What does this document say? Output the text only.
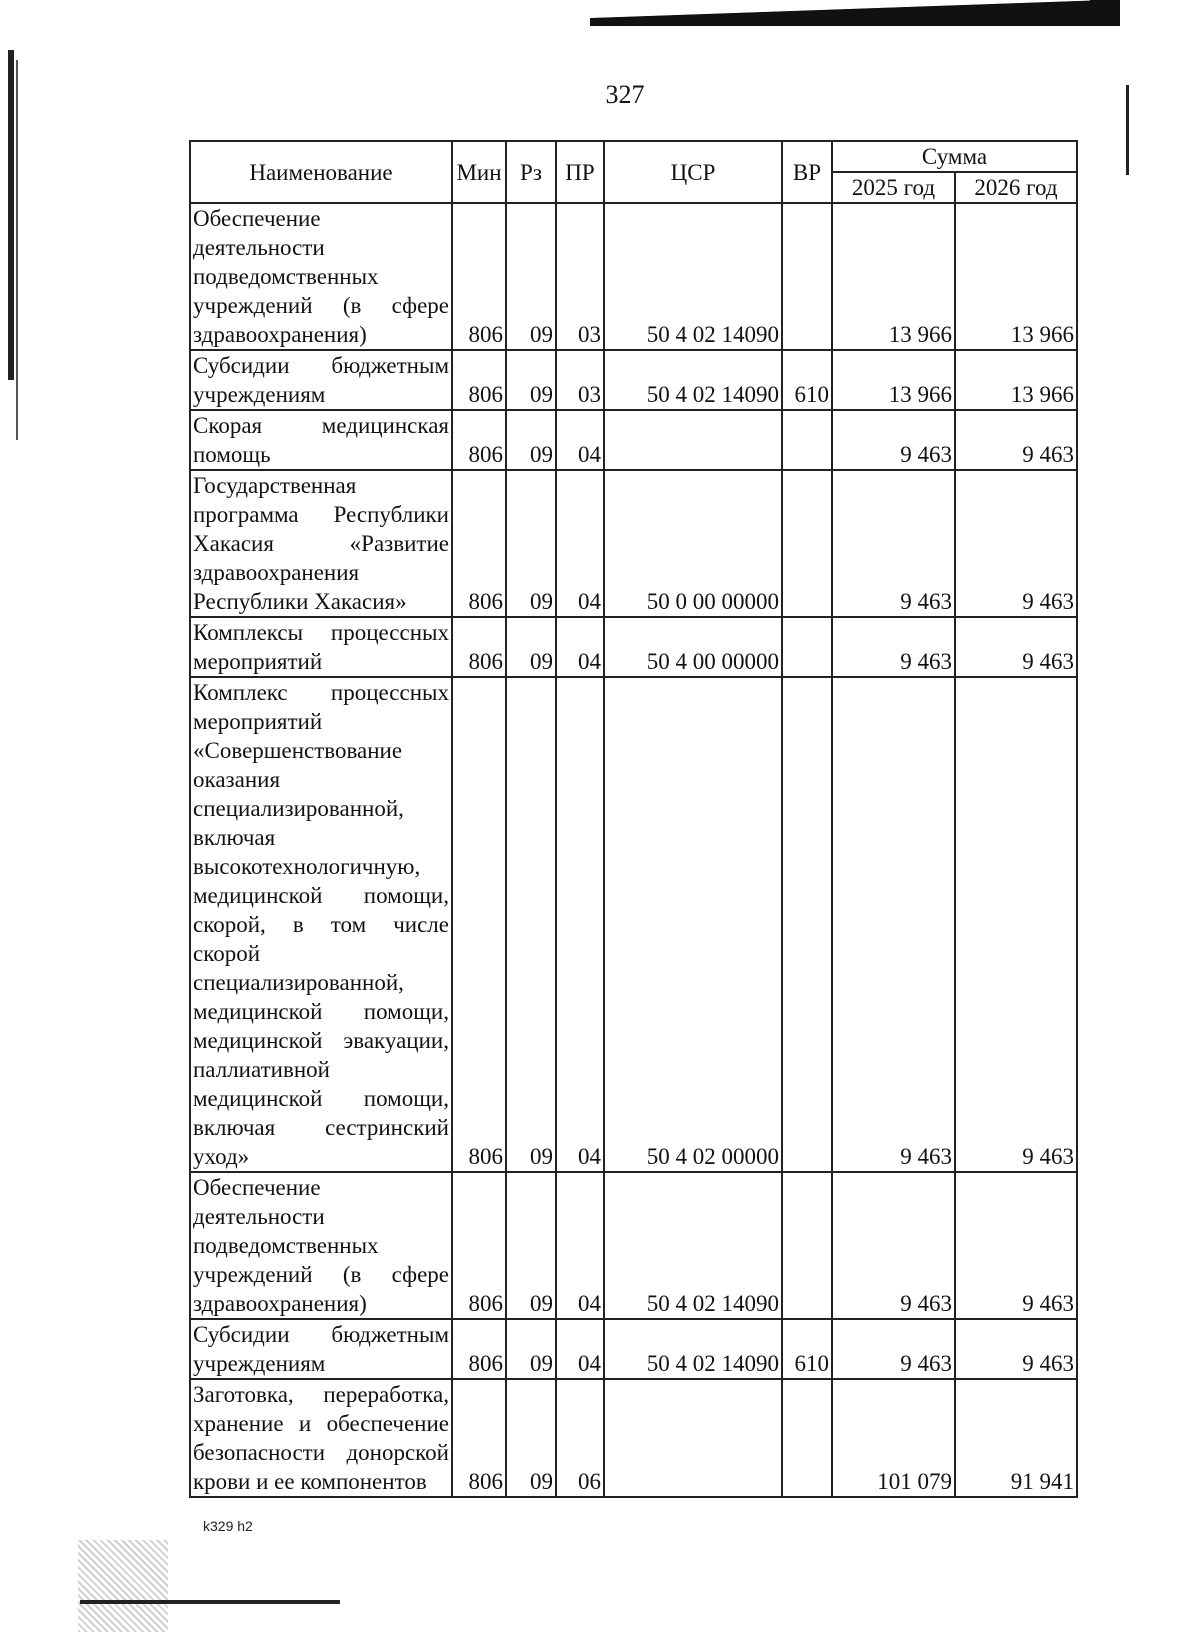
327
Наименование	Мин	Рз	ПР	ЦСР	ВР	Сумма	
						2025 год	2026 год
Обеспечение деятельности подведомственных учреждений (в сфере здравоохранения)	806	09	03	50 4 02 14090		13 966	13 966
Субсидии бюджетным учреждениям	806	09	03	50 4 02 14090	610	13 966	13 966
Скорая медицинская помощь	806	09	04			9 463	9 463
Государственная программа Республики Хакасия «Развитие здравоохранения Республики Хакасия»	806	09	04	50 0 00 00000		9 463	9 463
Комплексы процессных мероприятий	806	09	04	50 4 00 00000		9 463	9 463
Комплекс процессных мероприятий «Совершенствование оказания специализированной, включая высокотехнологичную, медицинской помощи, скорой, в том числе скорой специализированной, медицинской помощи, медицинской эвакуации, паллиативной медицинской помощи, включая сестринский уход»	806	09	04	50 4 02 00000		9 463	9 463
Обеспечение деятельности подведомственных учреждений (в сфере здравоохранения)	806	09	04	50 4 02 14090		9 463	9 463
Субсидии бюджетным учреждениям	806	09	04	50 4 02 14090	610	9 463	9 463
Заготовка, переработка, хранение и обеспечение безопасности донорской крови и ее компонентов	806	09	06			101 079	91 941
k329 h2
